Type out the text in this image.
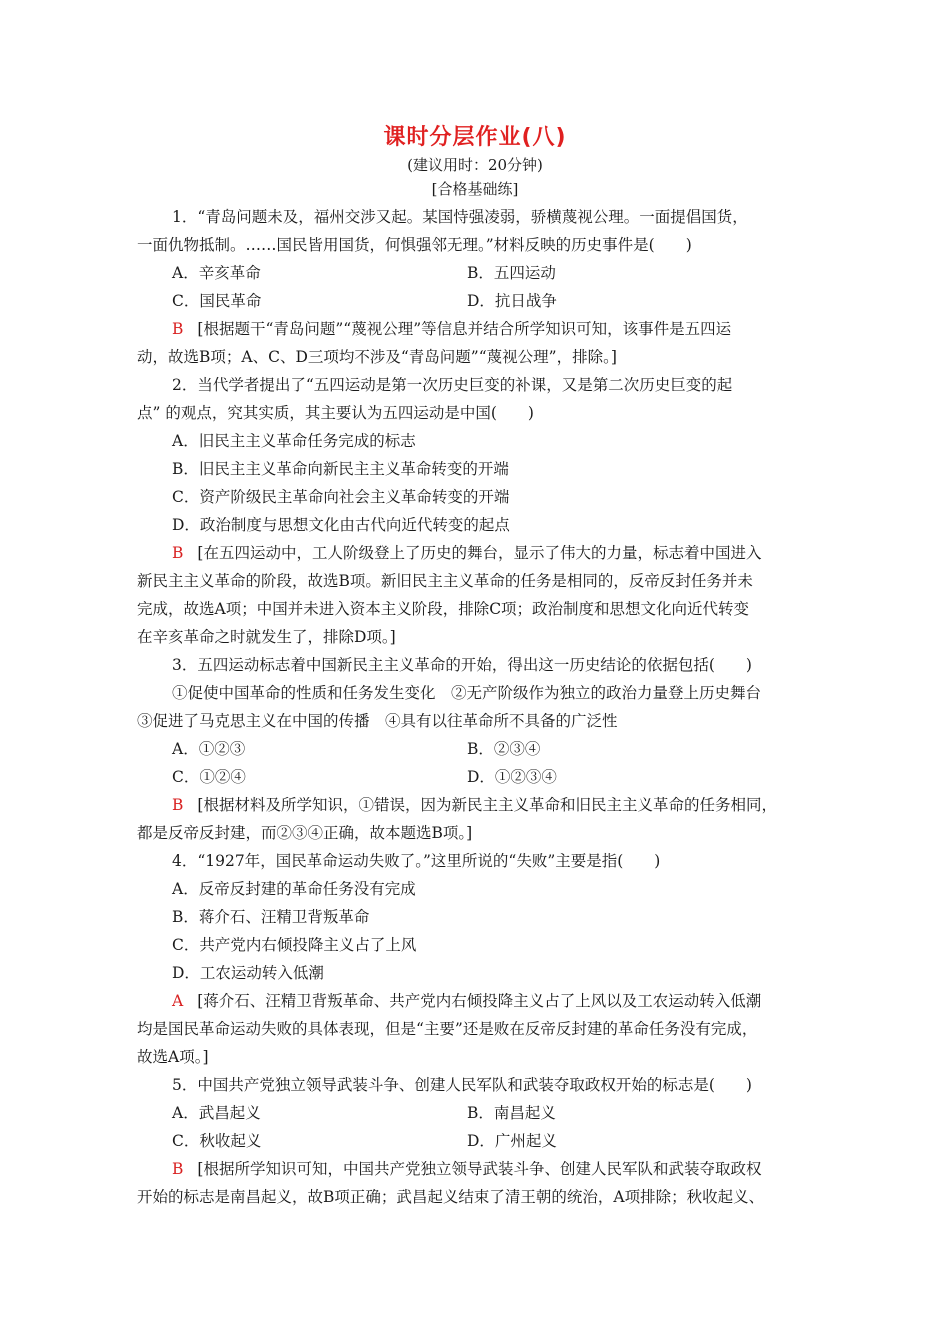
课时分层作业(八)
(建议用时：20分钟)
[合格基础练]
1．“青岛问题未及，福州交涉又起。某国恃强凌弱，骄横蔑视公理。一面提倡国货，
一面仇物抵制。……国民皆用国货，何惧强邻无理。”材料反映的历史事件是(　　)
A．辛亥革命	B．五四运动
C．国民革命	D．抗日战争
B [根据题干“青岛问题”“蔑视公理”等信息并结合所学知识可知，该事件是五四运
动，故选B项；A、C、D三项均不涉及“青岛问题”“蔑视公理”，排除。]
2．当代学者提出了“五四运动是第一次历史巨变的补课，又是第二次历史巨变的起
点” 的观点，究其实质，其主要认为五四运动是中国(　　)
A．旧民主主义革命任务完成的标志
B．旧民主主义革命向新民主主义革命转变的开端
C．资产阶级民主革命向社会主义革命转变的开端
D．政治制度与思想文化由古代向近代转变的起点
B [在五四运动中，工人阶级登上了历史的舞台，显示了伟大的力量，标志着中国进入
新民主主义革命的阶段，故选B项。新旧民主主义革命的任务是相同的，反帝反封任务并未
完成，故选A项；中国并未进入资本主义阶段，排除C项；政治制度和思想文化向近代转变
在辛亥革命之时就发生了，排除D项。]
3．五四运动标志着中国新民主主义革命的开始，得出这一历史结论的依据包括(　　)
①促使中国革命的性质和任务发生变化　②无产阶级作为独立的政治力量登上历史舞台
③促进了马克思主义在中国的传播　④具有以往革命所不具备的广泛性
A．①②③	B．②③④
C．①②④	D．①②③④
B [根据材料及所学知识，①错误，因为新民主主义革命和旧民主主义革命的任务相同，
都是反帝反封建，而②③④正确，故本题选B项。]
4．“1927年，国民革命运动失败了。”这里所说的“失败”主要是指(　　)
A．反帝反封建的革命任务没有完成
B．蒋介石、汪精卫背叛革命
C．共产党内右倾投降主义占了上风
D．工农运动转入低潮
A [蒋介石、汪精卫背叛革命、共产党内右倾投降主义占了上风以及工农运动转入低潮
均是国民革命运动失败的具体表现，但是“主要”还是败在反帝反封建的革命任务没有完成，
故选A项。]
5．中国共产党独立领导武装斗争、创建人民军队和武装夺取政权开始的标志是(　　)
A．武昌起义	B．南昌起义
C．秋收起义	D．广州起义
B [根据所学知识可知，中国共产党独立领导武装斗争、创建人民军队和武装夺取政权
开始的标志是南昌起义，故B项正确；武昌起义结束了清王朝的统治，A项排除；秋收起义、
